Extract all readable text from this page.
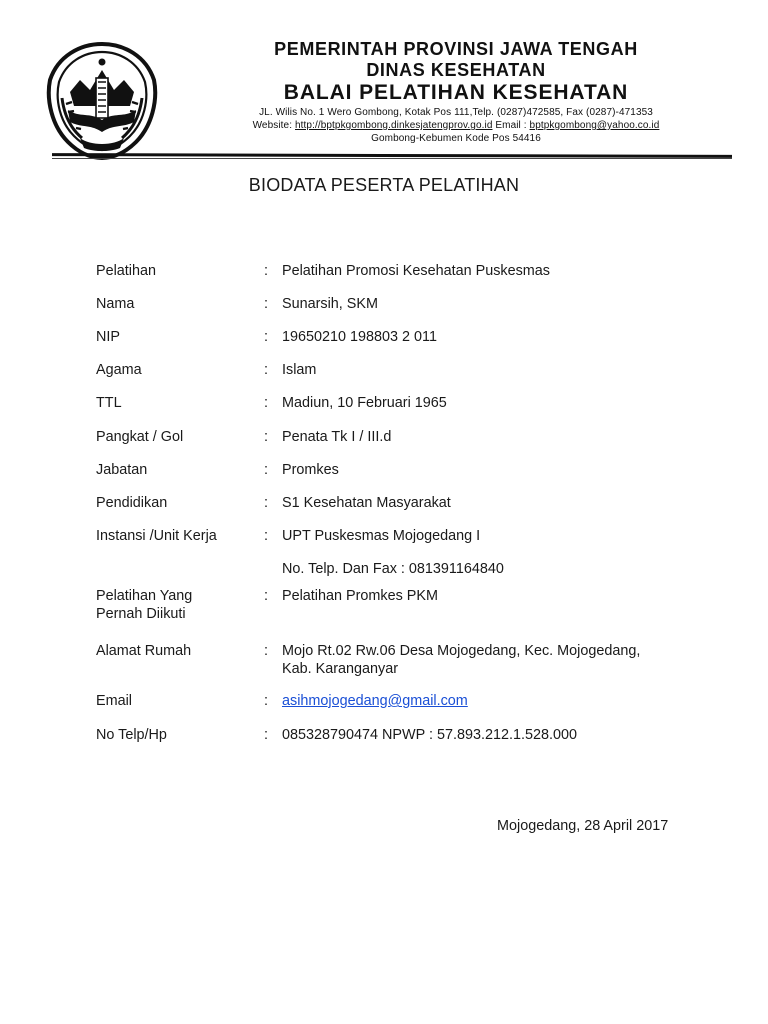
PEMERINTAH PROVINSI JAWA TENGAH
DINAS KESEHATAN
BALAI PELATIHAN KESEHATAN
JL. Wilis No. 1 Wero Gombong, Kotak Pos 111,Telp. (0287)472585, Fax (0287)-471353
Website: http://bptpkgombong.dinkesjatengprov.go.id Email : bptpkgombong@yahoo.co.id
Gombong-Kebumen Kode Pos 54416
BIODATA PESERTA PELATIHAN
Pelatihan	: Pelatihan Promosi Kesehatan Puskesmas
Nama	: Sunarsih, SKM
NIP	: 19650210 198803 2 011
Agama	: Islam
TTL	: Madiun, 10 Februari 1965
Pangkat / Gol	: Penata Tk I / III.d
Jabatan	: Promkes
Pendidikan	: S1 Kesehatan Masyarakat
Instansi /Unit Kerja	: UPT Puskesmas Mojogedang I
No. Telp. Dan Fax : 081391164840
Pelatihan Yang
Pernah Diikuti
: Pelatihan Promkes PKM
Alamat Rumah	: Mojo Rt.02 Rw.06 Desa Mojogedang, Kec. Mojogedang,
Kab. Karanganyar
Email	: asihmojogedang@gmail.com
No Telp/Hp	: 085328790474 NPWP : 57.893.212.1.528.000
Mojogedang, 28 April 2017
